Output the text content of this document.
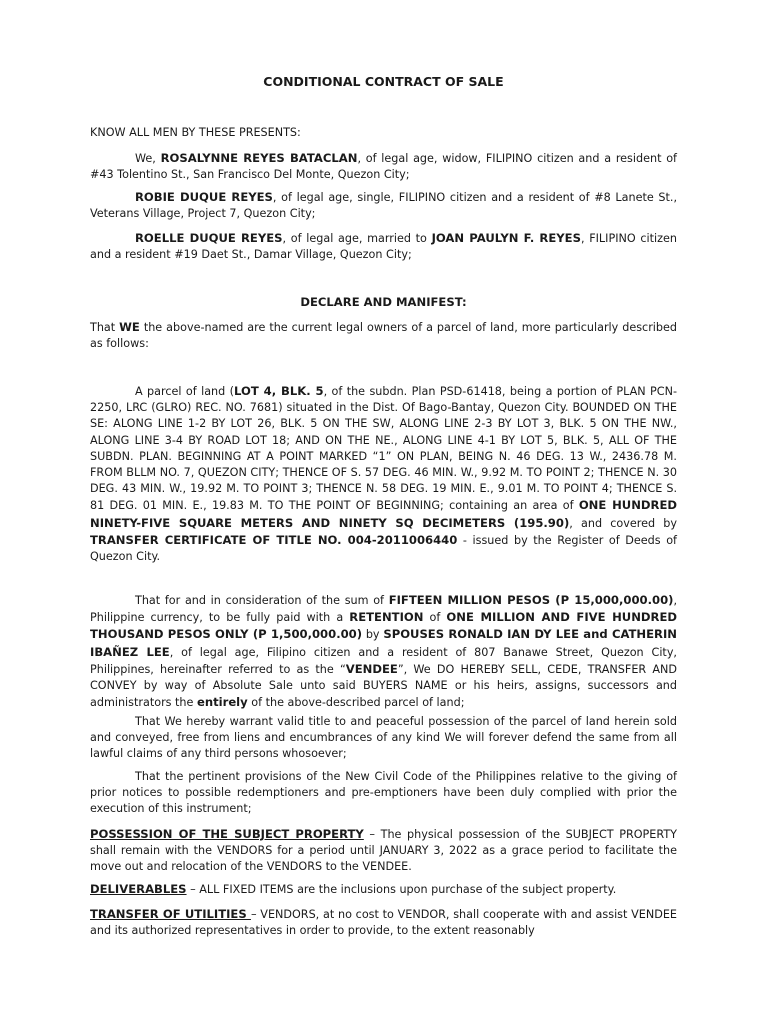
CONDITIONAL CONTRACT OF SALE

KNOW ALL MEN BY THESE PRESENTS:

We, ROSALYNNE REYES BATACLAN, of legal age, widow, FILIPINO citizen and a resident of #43 Tolentino St., San Francisco Del Monte, Quezon City;

ROBIE DUQUE REYES, of legal age, single, FILIPINO citizen and a resident of #8 Lanete St., Veterans Village, Project 7, Quezon City;

ROELLE DUQUE REYES, of legal age, married to JOAN PAULYN F. REYES, FILIPINO citizen and a resident #19 Daet St., Damar Village, Quezon City;

DECLARE AND MANIFEST:

That WE the above-named are the current legal owners of a parcel of land, more particularly described as follows:

A parcel of land (LOT 4, BLK. 5, of the subdn. Plan PSD-61418, being a portion of PLAN PCN-2250, LRC (GLRO) REC. NO. 7681) situated in the Dist. Of Bago-Bantay, Quezon City. BOUNDED ON THE SE: ALONG LINE 1-2 BY LOT 26, BLK. 5 ON THE SW, ALONG LINE 2-3 BY LOT 3, BLK. 5 ON THE NW., ALONG LINE 3-4 BY ROAD LOT 18; AND ON THE NE., ALONG LINE 4-1 BY LOT 5, BLK. 5, ALL OF THE SUBDN. PLAN. BEGINNING AT A POINT MARKED “1” ON PLAN, BEING N. 46 DEG. 13 W., 2436.78 M. FROM BLLM NO. 7, QUEZON CITY; THENCE OF S. 57 DEG. 46 MIN. W., 9.92 M. TO POINT 2; THENCE N. 30 DEG. 43 MIN. W., 19.92 M. TO POINT 3; THENCE N. 58 DEG. 19 MIN. E., 9.01 M. TO POINT 4; THENCE S. 81 DEG. 01 MIN. E., 19.83 M. TO THE POINT OF BEGINNING; containing an area of ONE HUNDRED NINETY-FIVE SQUARE METERS AND NINETY SQ DECIMETERS (195.90), and covered by TRANSFER CERTIFICATE OF TITLE NO. 004-2011006440 - issued by the Register of Deeds of Quezon City.

That for and in consideration of the sum of FIFTEEN MILLION PESOS (P 15,000,000.00), Philippine currency, to be fully paid with a RETENTION of ONE MILLION AND FIVE HUNDRED THOUSAND PESOS ONLY (P 1,500,000.00) by SPOUSES RONALD IAN DY LEE and CATHERIN IBAÑEZ LEE, of legal age, Filipino citizen and a resident of 807 Banawe Street, Quezon City, Philippines, hereinafter referred to as the “VENDEE”, We DO HEREBY SELL, CEDE, TRANSFER AND CONVEY by way of Absolute Sale unto said BUYERS NAME or his heirs, assigns, successors and administrators the entirely of the above-described parcel of land;

That We hereby warrant valid title to and peaceful possession of the parcel of land herein sold and conveyed, free from liens and encumbrances of any kind We will forever defend the same from all lawful claims of any third persons whosoever;

That the pertinent provisions of the New Civil Code of the Philippines relative to the giving of prior notices to possible redemptioners and pre-emptioners have been duly complied with prior the execution of this instrument;

POSSESSION OF THE SUBJECT PROPERTY – The physical possession of the SUBJECT PROPERTY shall remain with the VENDORS for a period until JANUARY 3, 2022 as a grace period to facilitate the move out and relocation of the VENDORS to the VENDEE.

DELIVERABLES – ALL FIXED ITEMS are the inclusions upon purchase of the subject property.

TRANSFER OF UTILITIES – VENDORS, at no cost to VENDOR, shall cooperate with and assist VENDEE and its authorized representatives in order to provide, to the extent reasonably
